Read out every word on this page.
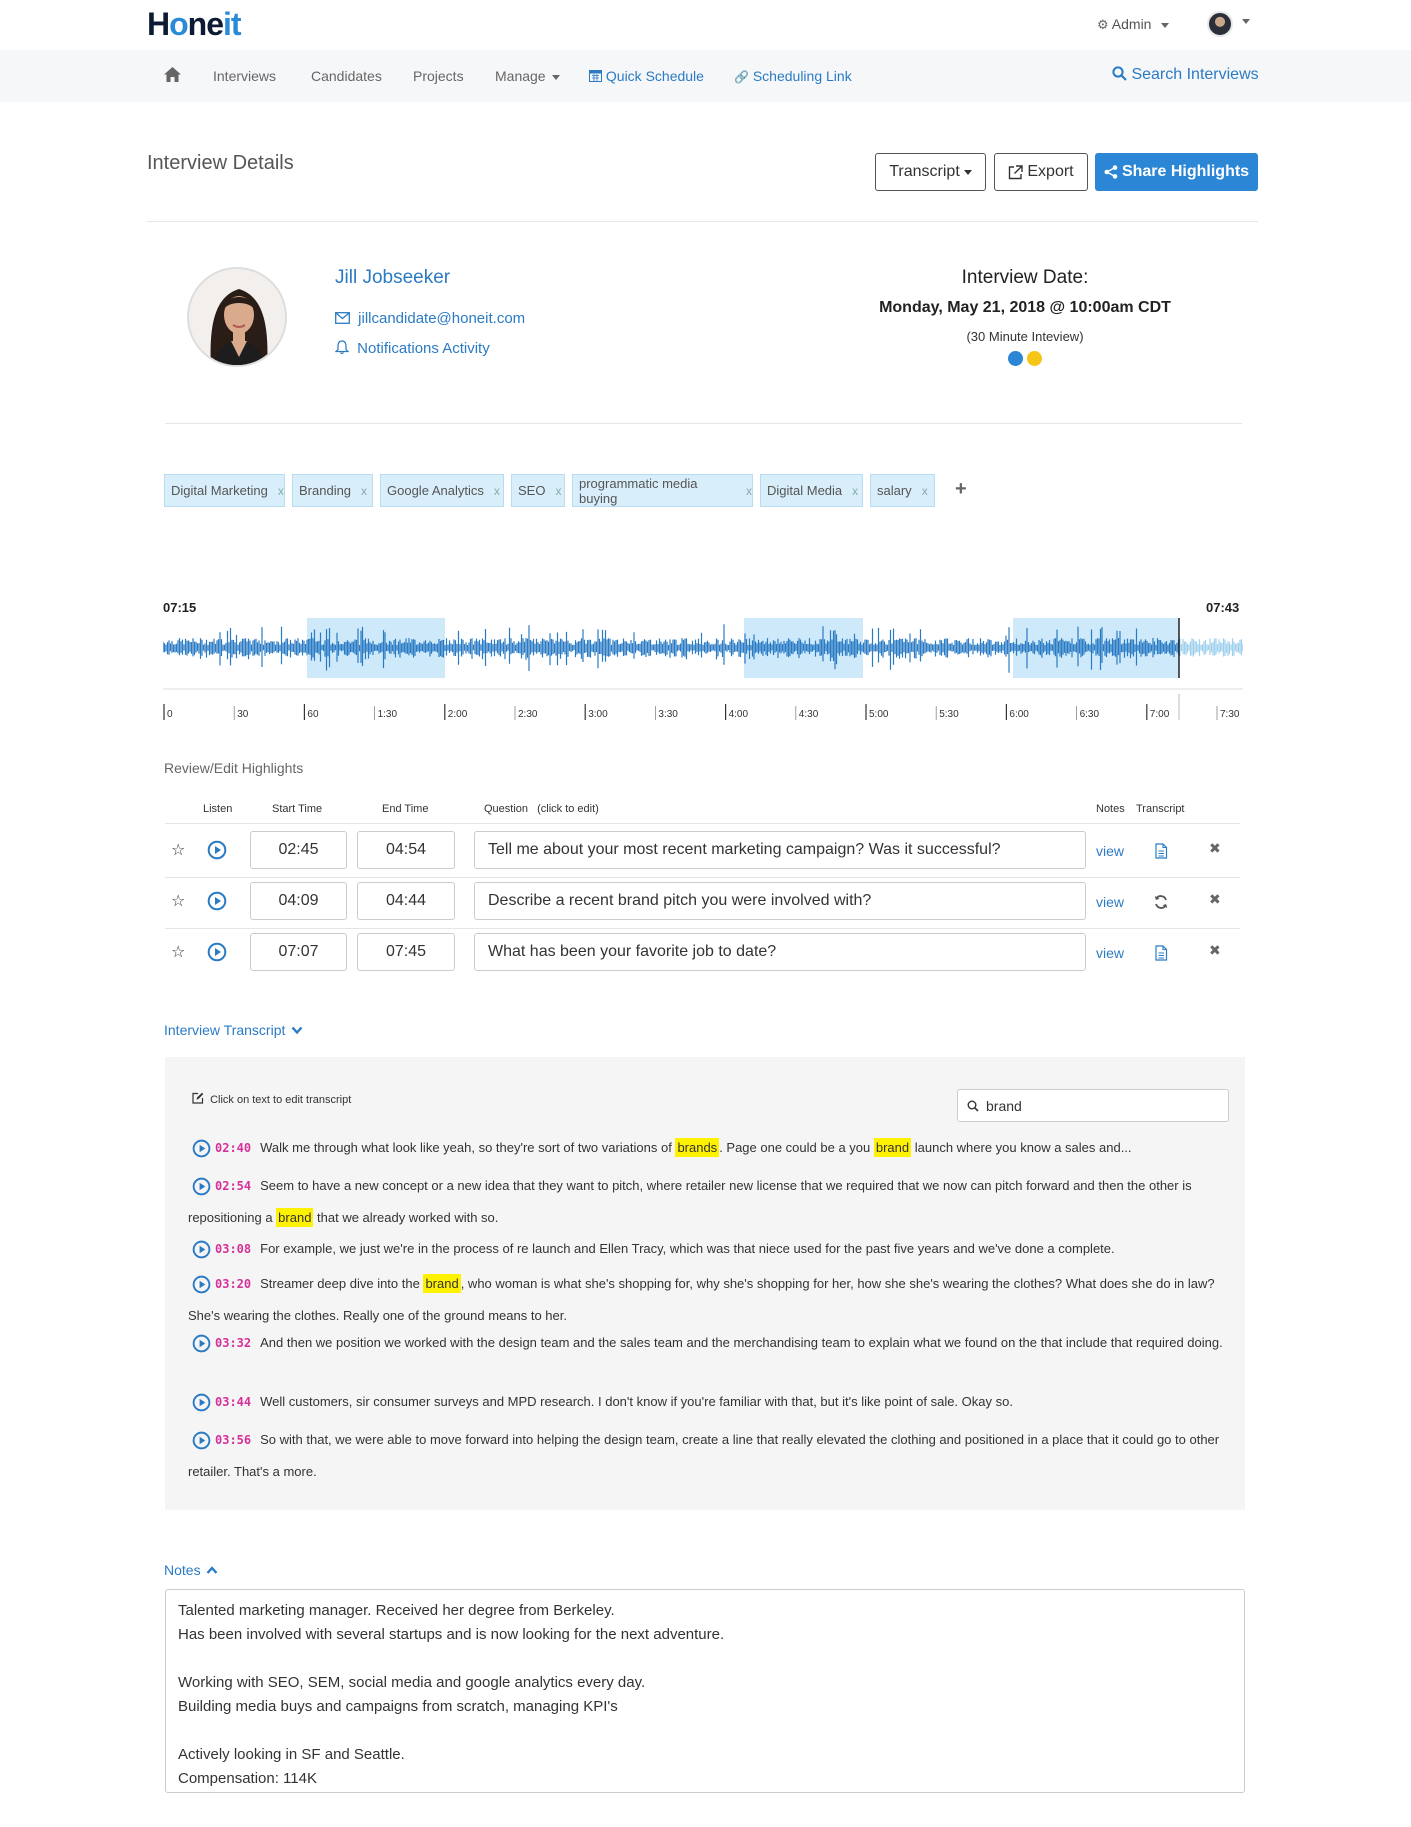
Honeit	⚙ Admin
Interviews Candidates Projects Manage	Quick Schedule	🔗 Scheduling Link	Search Interviews
Interview Details	Transcript	Export	Share Highlights
Jill Jobseeker
jillcandidate@honeit.com
Notifications Activity
Interview Date:
Monday, May 21, 2018 @ 10:00am CDT
(30 Minute Inteview)
Digital Marketing x Branding x Google Analytics x SEO x programmatic media buying	x Digital Media x salary x +
07:15	07:43
0	30	60	1:30	2:00	2:30	3:00	3:30	4:00	4:30	5:00	5:30	6:00	6:30	7:00	7:30
Review/Edit Highlights
Listen	Start Time	End Time	Question (click to edit)	Notes Transcript
☆	02:45	04:54	Tell me about your most recent marketing campaign? Was it successful?	view	✖
☆	04:09	04:44	Describe a recent brand pitch you were involved with?	view	✖
☆	07:07	07:45	What has been your favorite job to date?	view	✖
Interview Transcript
Click on text to edit transcript	brand
02:40 Walk me through what look like yeah, so they're sort of two variations of brands . Page one could be a you brand launch where you know a sales and...
02:54 Seem to have a new concept or a new idea that they want to pitch, where retailer new license that we required that we now can pitch forward and then the other is repositioning a brand that we already worked with so.
03:08 For example, we just we're in the process of re launch and Ellen Tracy, which was that niece used for the past five years and we've done a complete.
03:20 Streamer deep dive into the brand , who woman is what she's shopping for, why she's shopping for her, how she she's wearing the clothes? What does she do in law? She's wearing the clothes. Really one of the ground means to her.
03:32 And then we position we worked with the design team and the sales team and the merchandising team to explain what we found on the that include that required doing.
03:44 Well customers, sir consumer surveys and MPD research. I don't know if you're familiar with that, but it's like point of sale. Okay so.
03:56 So with that, we were able to move forward into helping the design team, create a line that really elevated the clothing and positioned in a place that it could go to other retailer. That's a more.
Notes
Talented marketing manager. Received her degree from Berkeley.
Has been involved with several startups and is now looking for the next adventure.
Working with SEO, SEM, social media and google analytics every day.
Building media buys and campaigns from scratch, managing KPI's
Actively looking in SF and Seattle.
Compensation: 114K
